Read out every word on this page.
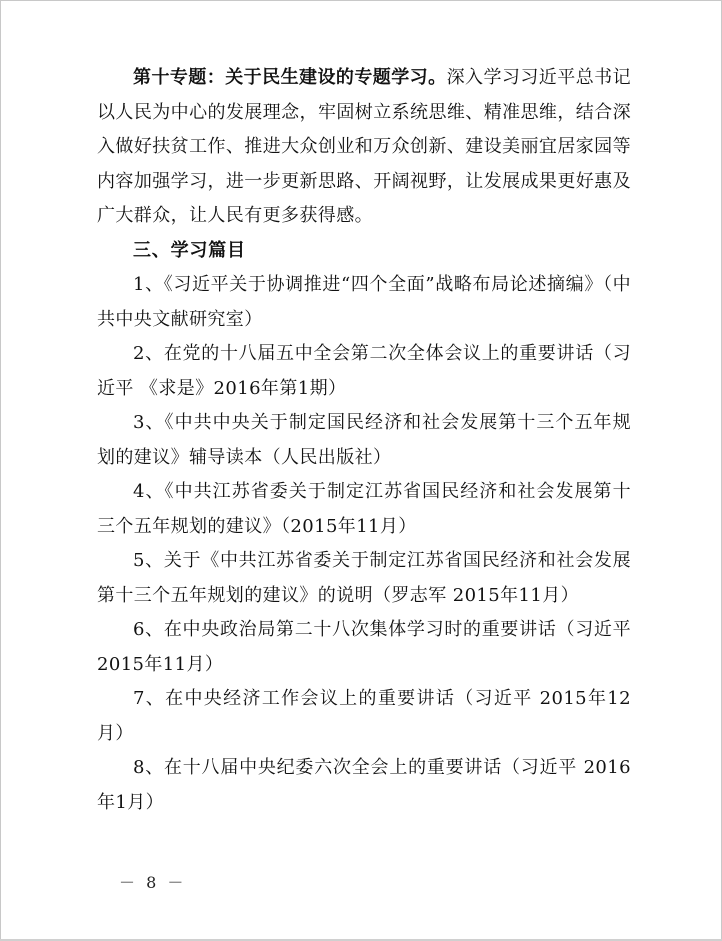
第十专题：关于民生建设的专题学习。深入学习习近平总书记以人民为中心的发展理念，牢固树立系统思维、精准思维，结合深入做好扶贫工作、推进大众创业和万众创新、建设美丽宜居家园等内容加强学习，进一步更新思路、开阔视野，让发展成果更好惠及广大群众，让人民有更多获得感。

三、学习篇目

1、《习近平关于协调推进“四个全面”战略布局论述摘编》（中共中央文献研究室）

2、在党的十八届五中全会第二次全体会议上的重要讲话（习近平 《求是》2016年第1期）

3、《中共中央关于制定国民经济和社会发展第十三个五年规划的建议》辅导读本（人民出版社）

4、《中共江苏省委关于制定江苏省国民经济和社会发展第十三个五年规划的建议》（2015年11月）

5、关于《中共江苏省委关于制定江苏省国民经济和社会发展第十三个五年规划的建议》的说明（罗志军 2015年11月）

6、在中央政治局第二十八次集体学习时的重要讲话（习近平 2015年11月）

7、在中央经济工作会议上的重要讲话（习近平 2015年12月）

8、在十八届中央纪委六次全会上的重要讲话（习近平 2016年1月）

－ 8 －
